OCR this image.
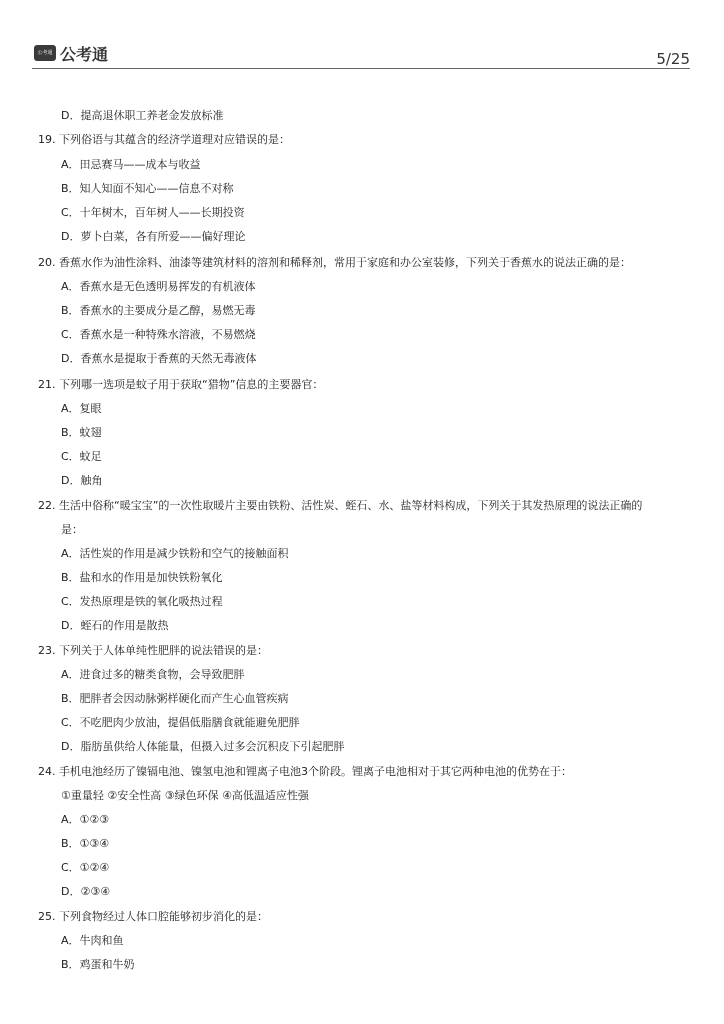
公考通 公考通	5/25
D．提高退休职工养老金发放标准
19. 下列俗语与其蕴含的经济学道理对应错误的是：
A．田忌赛马——成本与收益
B．知人知面不知心——信息不对称
C．十年树木，百年树人——长期投资
D．萝卜白菜，各有所爱——偏好理论
20. 香蕉水作为油性涂料、油漆等建筑材料的溶剂和稀释剂，常用于家庭和办公室装修，下列关于香蕉水的说法正确的是：
A．香蕉水是无色透明易挥发的有机液体
B．香蕉水的主要成分是乙醇，易燃无毒
C．香蕉水是一种特殊水溶液，不易燃烧
D．香蕉水是提取于香蕉的天然无毒液体
21. 下列哪一选项是蚊子用于获取“猎物”信息的主要器官：
A．复眼
B．蚊翅
C．蚊足
D．触角
22. 生活中俗称“暖宝宝”的一次性取暖片主要由铁粉、活性炭、蛭石、水、盐等材料构成，下列关于其发热原理的说法正确的
是：
A．活性炭的作用是减少铁粉和空气的接触面积
B．盐和水的作用是加快铁粉氧化
C．发热原理是铁的氧化吸热过程
D．蛭石的作用是散热
23. 下列关于人体单纯性肥胖的说法错误的是：
A．进食过多的糖类食物，会导致肥胖
B．肥胖者会因动脉粥样硬化而产生心血管疾病
C．不吃肥肉少放油，提倡低脂膳食就能避免肥胖
D．脂肪虽供给人体能量，但摄入过多会沉积皮下引起肥胖
24. 手机电池经历了镍镉电池、镍氢电池和锂离子电池3个阶段。锂离子电池相对于其它两种电池的优势在于：
①重量轻 ②安全性高 ③绿色环保 ④高低温适应性强
A．①②③
B．①③④
C．①②④
D．②③④
25. 下列食物经过人体口腔能够初步消化的是：
A．牛肉和鱼
B．鸡蛋和牛奶
